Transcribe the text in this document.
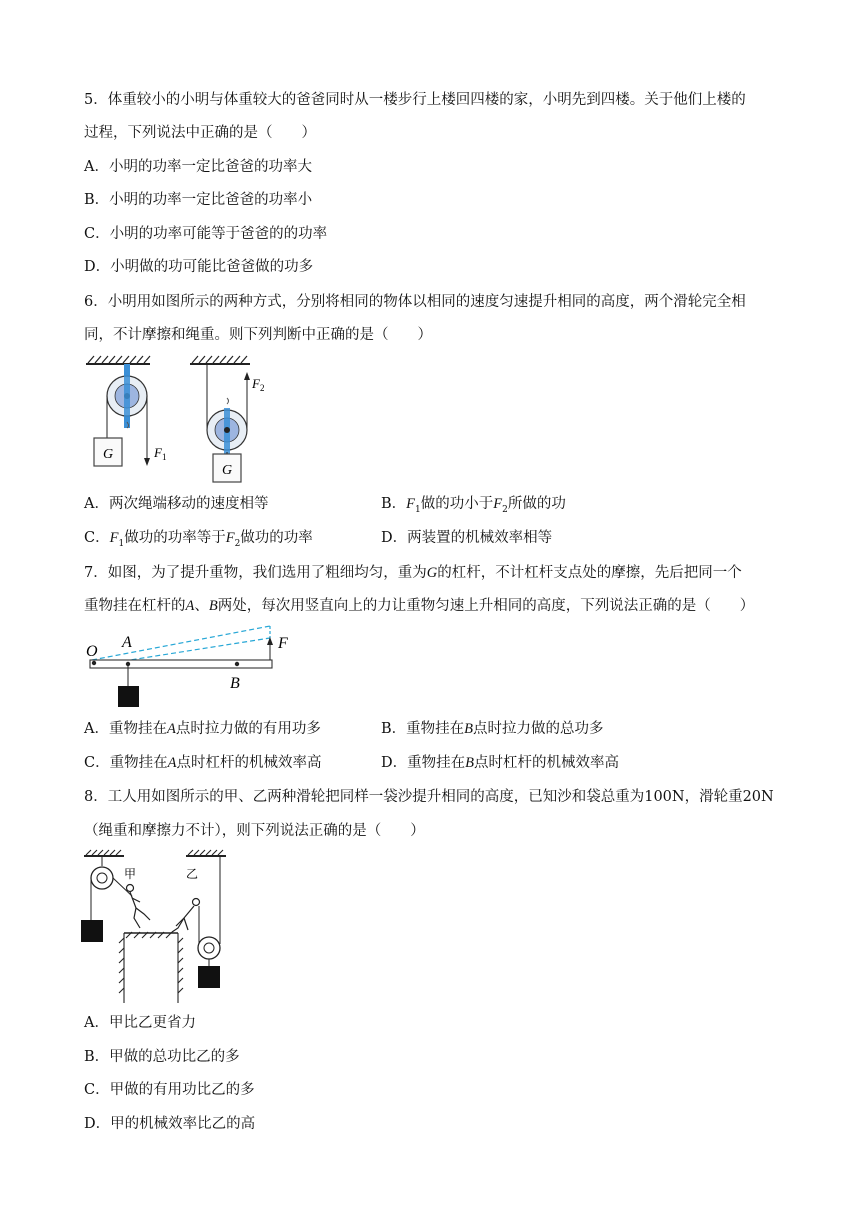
5．体重较小的小明与体重较大的爸爸同时从一楼步行上楼回四楼的家，小明先到四楼。关于他们上楼的
过程，下列说法中正确的是（　　）
A．小明的功率一定比爸爸的功率大
B．小明的功率一定比爸爸的功率小
C．小明的功率可能等于爸爸的的功率
D．小明做的功可能比爸爸做的功多
6．小明用如图所示的两种方式，分别将相同的物体以相同的速度匀速提升相同的高度，两个滑轮完全相
同，不计摩擦和绳重。则下列判断中正确的是（　　）
G	$F_1$
G
$F_2$
A．两次绳端移动的速度相等	B．$F_1$做的功小于$F_2$所做的功
C．$F_1$做功的功率等于$F_2$做功的功率	D．两装置的机械效率相等
7．如图，为了提升重物，我们选用了粗细均匀，重为G的杠杆，不计杠杆支点处的摩擦，先后把同一个
重物挂在杠杆的A、B两处，每次用竖直向上的力让重物匀速上升相同的高度，下列说法正确的是（　　）
O
A	F
B
A．重物挂在A点时拉力做的有用功多	B．重物挂在B点时拉力做的总功多
C．重物挂在A点时杠杆的机械效率高	D．重物挂在B点时杠杆的机械效率高
8．工人用如图所示的甲、乙两种滑轮把同样一袋沙提升相同的高度，已知沙和袋总重为100N，滑轮重20N
（绳重和摩擦力不计），则下列说法正确的是（　　）
甲	乙
A．甲比乙更省力
B．甲做的总功比乙的多
C．甲做的有用功比乙的多
D．甲的机械效率比乙的高
